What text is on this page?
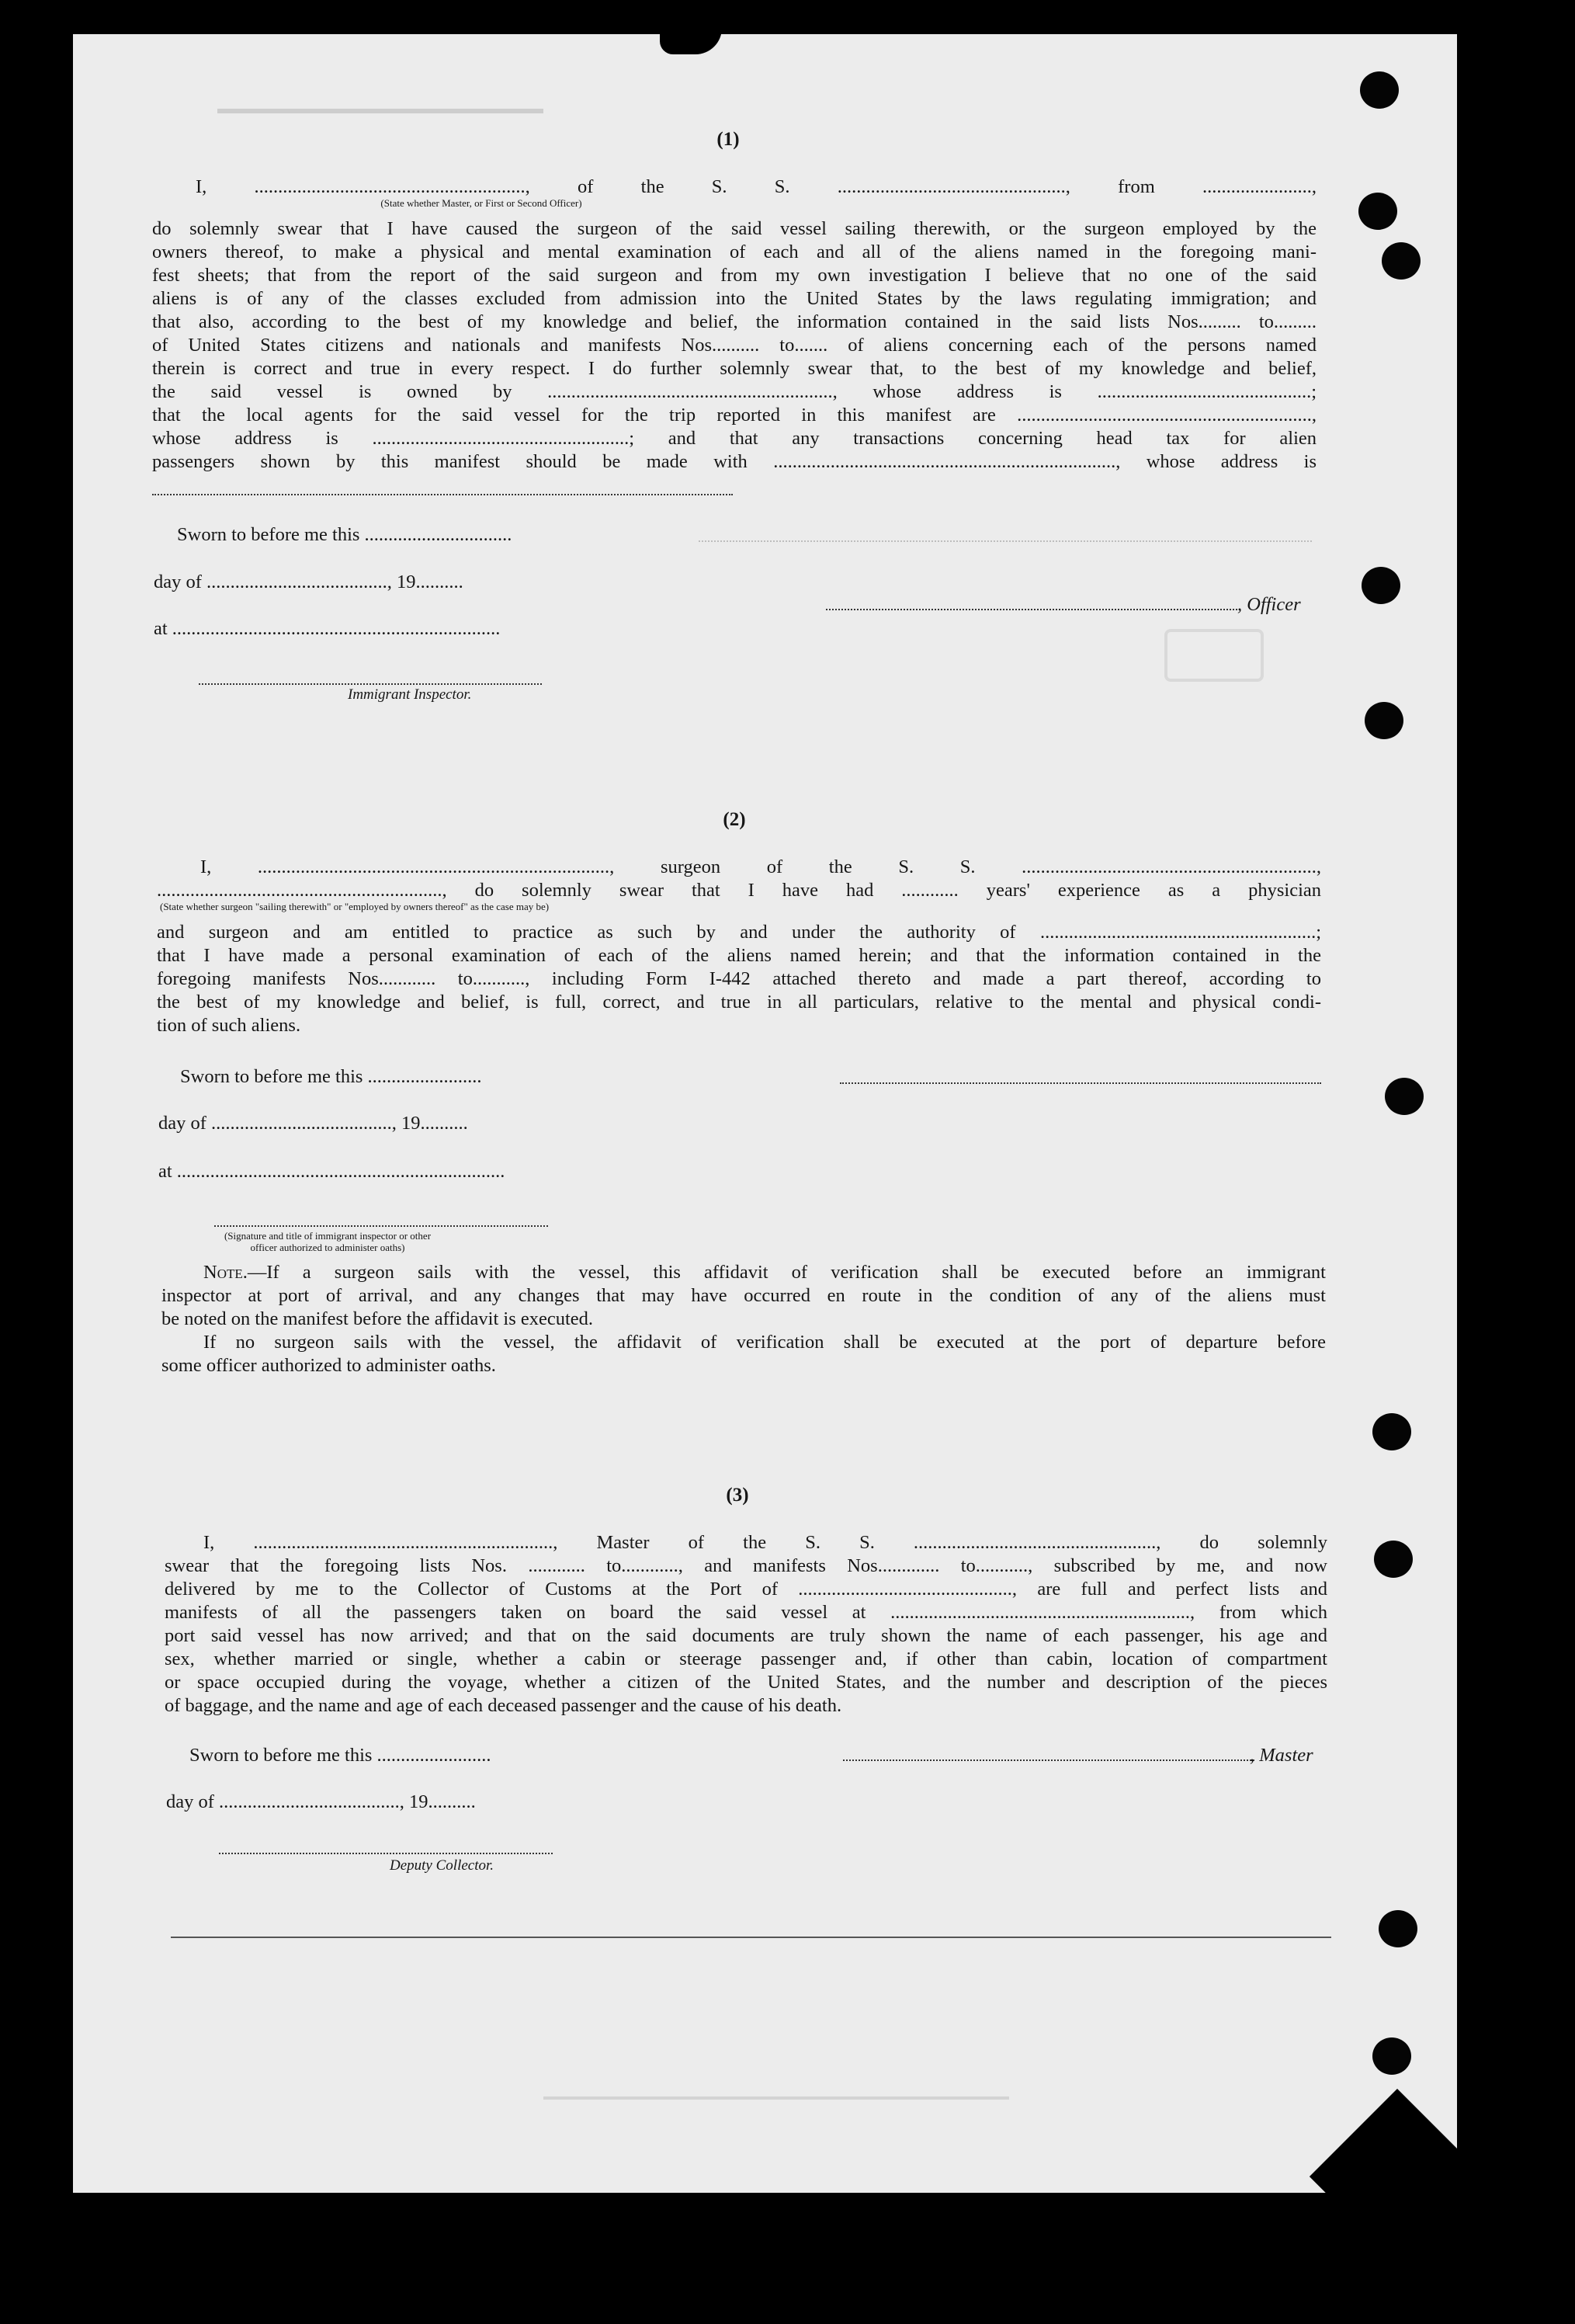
(1)
I, ........................................................., of the S. S. ................................................, from .......................,
(State whether Master, or First or Second Officer)
do solemnly swear that I have caused the surgeon of the said vessel sailing therewith, or the surgeon employed by the
owners thereof, to make a physical and mental examination of each and all of the aliens named in the foregoing mani-
fest sheets; that from the report of the said surgeon and from my own investigation I believe that no one of the said
aliens is of any of the classes excluded from admission into the United States by the laws regulating immigration; and
that also, according to the best of my knowledge and belief, the information contained in the said lists Nos......... to.........
of United States citizens and nationals and manifests Nos.......... to....... of aliens concerning each of the persons named
therein is correct and true in every respect. I do further solemnly swear that, to the best of my knowledge and belief,
the said vessel is owned by ............................................................, whose address is .............................................;
that the local agents for the said vessel for the trip reported in this manifest are ..............................................................,
whose address is ......................................................; and that any transactions concerning head tax for alien
passengers shown by this manifest should be made with ........................................................................, whose address is
Sworn to before me this ...............................
day of ......................................, 19..........
, Officer
at .....................................................................
Immigrant Inspector.
(2)
I, .........................................................................., surgeon of the S. S. ..............................................................,
............................................................, do solemnly swear that I have had ............ years' experience as a physician
(State whether surgeon "sailing therewith" or "employed by owners thereof" as the case may be)
and surgeon and am entitled to practice as such by and under the authority of ..........................................................;
that I have made a personal examination of each of the aliens named herein; and that the information contained in the
foregoing manifests Nos............ to..........., including Form I-442 attached thereto and made a part thereof, according to
the best of my knowledge and belief, is full, correct, and true in all particulars, relative to the mental and physical condi-
tion of such aliens.
Sworn to before me this ........................
day of ......................................, 19..........
at .....................................................................
(Signature and title of immigrant inspector or other officer authorized to administer oaths)
Note.—If a surgeon sails with the vessel, this affidavit of verification shall be executed before an immigrant
inspector at port of arrival, and any changes that may have occurred en route in the condition of any of the aliens must
be noted on the manifest before the affidavit is executed.
If no surgeon sails with the vessel, the affidavit of verification shall be executed at the port of departure before
some officer authorized to administer oaths.
(3)
I, ..............................................................., Master of the S. S. ..................................................., do solemnly
swear that the foregoing lists Nos. ............ to............, and manifests Nos............. to..........., subscribed by me, and now
delivered by me to the Collector of Customs at the Port of ............................................., are full and perfect lists and
manifests of all the passengers taken on board the said vessel at ..............................................................., from which
port said vessel has now arrived; and that on the said documents are truly shown the name of each passenger, his age and
sex, whether married or single, whether a cabin or steerage passenger and, if other than cabin, location of compartment
or space occupied during the voyage, whether a citizen of the United States, and the number and description of the pieces
of baggage, and the name and age of each deceased passenger and the cause of his death.
Sworn to before me this ........................	, Master
day of ......................................, 19..........
Deputy Collector.
